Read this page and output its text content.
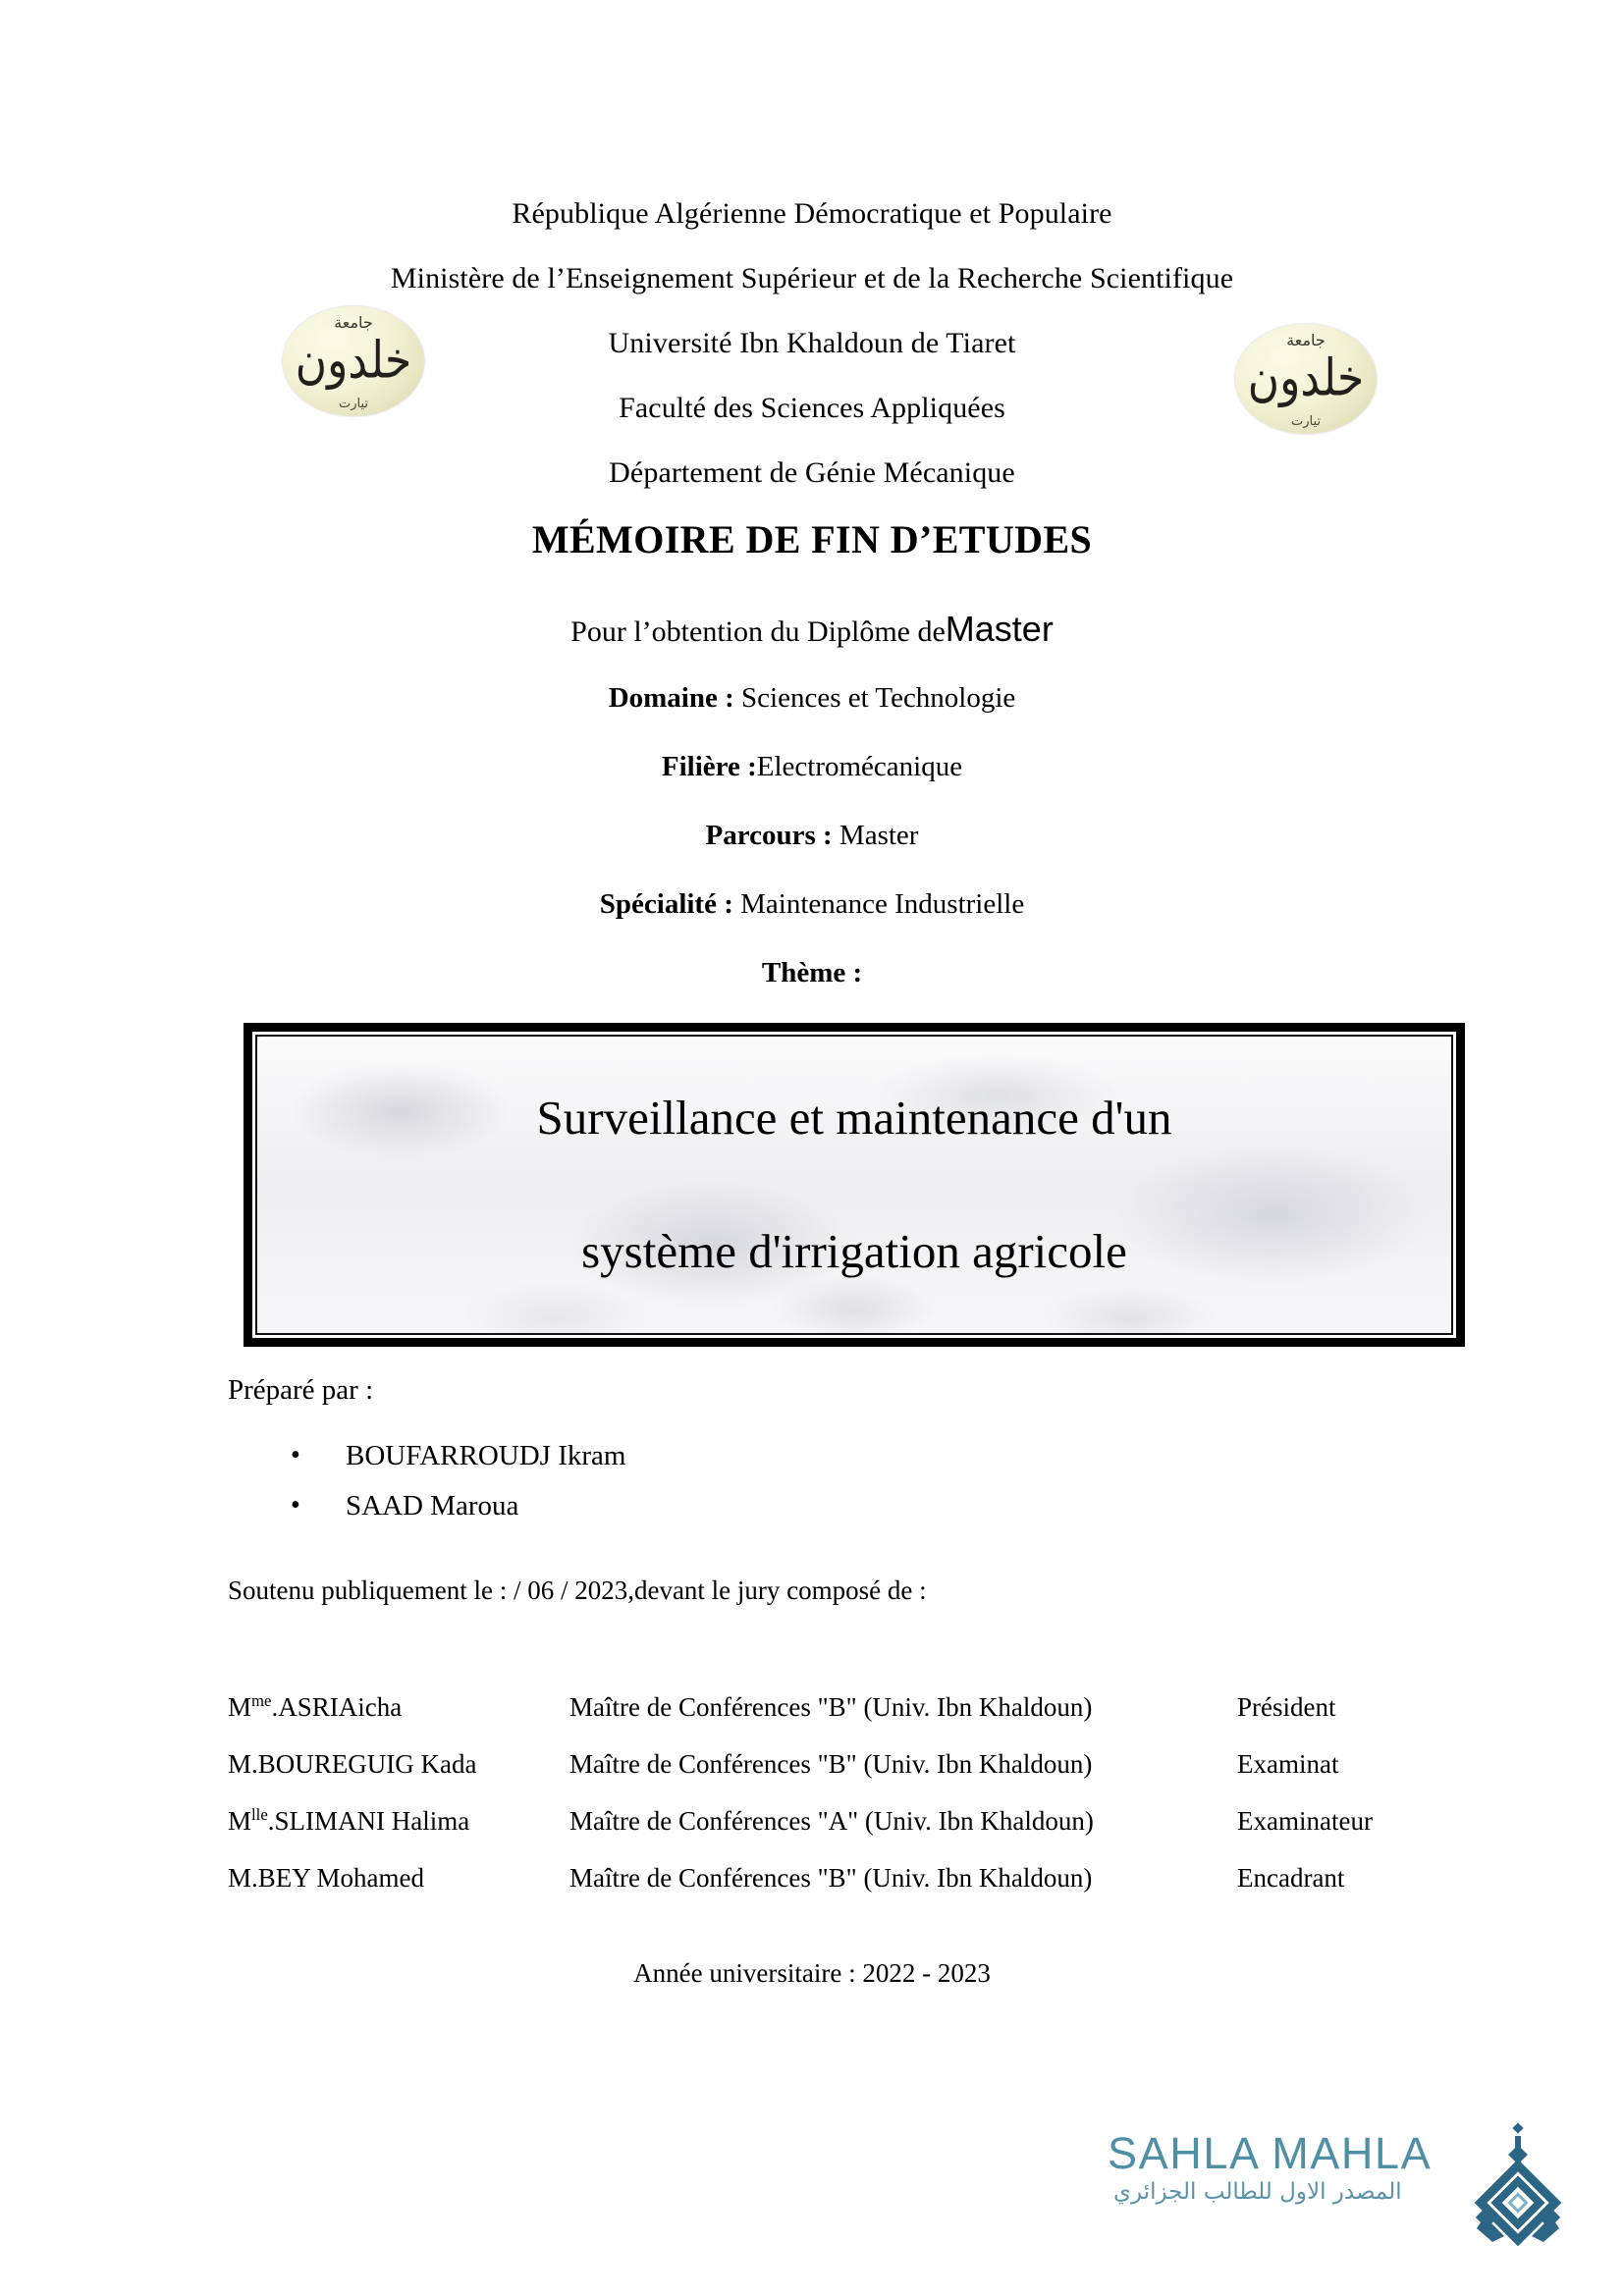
République Algérienne Démocratique et Populaire
Ministère de l’Enseignement Supérieur et de la Recherche Scientifique
Université Ibn Khaldoun de Tiaret
Faculté des Sciences Appliquées
Département de Génie Mécanique
جامعة
خلدون
تيارت
جامعة
خلدون
تيارت
MÉMOIRE DE FIN D’ETUDES
Pour l’obtention du Diplôme deMaster
Domaine : Sciences et Technologie
Filière :Electromécanique
Parcours : Master
Spécialité : Maintenance Industrielle
Thème :
Surveillance et maintenance d'un
système d'irrigation agricole
Préparé par :
• BOUFARROUDJ Ikram
• SAAD Maroua
Soutenu publiquement le : / 06 / 2023,devant le jury composé de :
$M^{me}.ASRIAicha$	Maître de Conférences "B" (Univ. Ibn Khaldoun)	Président
M.BOUREGUIG Kada	Maître de Conférences "B" (Univ. Ibn Khaldoun)	Examinat
$M^{lle}.SLIMANI$ Halima	Maître de Conférences "A" (Univ. Ibn Khaldoun)	Examinateur
M.BEY Mohamed	Maître de Conférences "B" (Univ. Ibn Khaldoun)	Encadrant
Année universitaire : 2022 - 2023
SAHLA MAHLA
المصدر الاول للطالب الجزائري
